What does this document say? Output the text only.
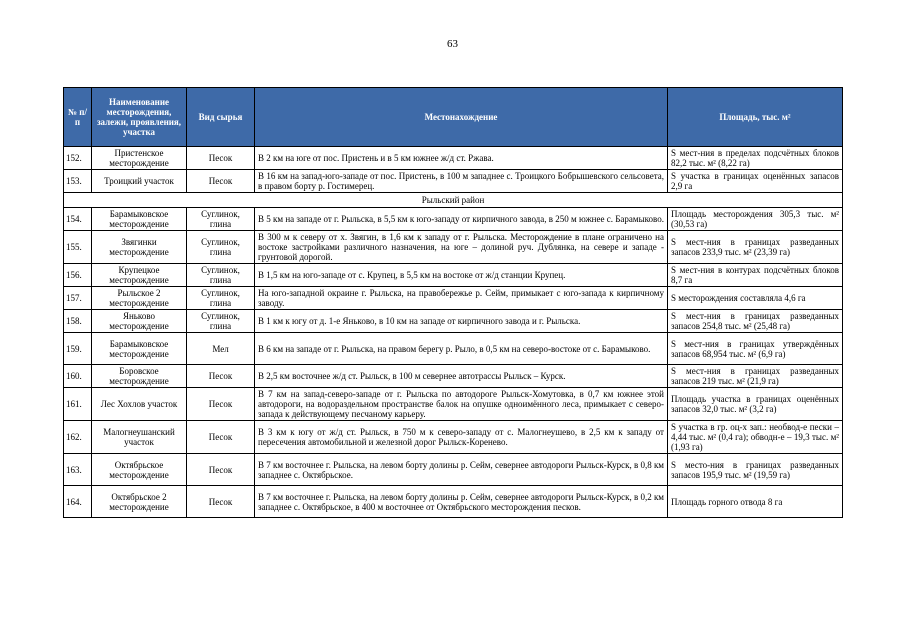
63
№ п/п	Наименование месторождения, залежи, проявления, участка	Вид сырья	Местонахождение	Площадь, тыс. м²
152.	Пристенское месторождение	Песок	В 2 км на юге от пос. Пристень и в 5 км южнее ж/д ст. Ржава.	S мест-ния в пределах подсчётных блоков 82,2 тыс. м² (8,22 га)
153.	Троицкий участок	Песок	В 16 км на запад-юго-западе от пос. Пристень, в 100 м западнее с. Троицкого Бобрышевского сельсовета, в правом борту р. Гостимерец.	S участка в границах оценённых запасов 2,9 га
Рыльский район				
154.	Барамыковское месторождение	Суглинок, глина	В 5 км на западе от г. Рыльска, в 5,5 км к юго-западу от кирпичного завода, в 250 м южнее с. Барамыково.	Площадь месторождения 305,3 тыс. м² (30,53 га)
155.	Звягинки месторождение	Суглинок, глина	В 300 м к северу от х. Звягин, в 1,6 км к западу от г. Рыльска. Месторождение в плане ограничено на востоке застройками различного назначения, на юге – долиной руч. Дублянка, на севере и западе - грунтовой дорогой.	S мест-ния в границах разведанных запасов 233,9 тыс. м² (23,39 га)
156.	Крупецкое месторождение	Суглинок, глина	В 1,5 км на юго-западе от с. Крупец, в 5,5 км на востоке от ж/д станции Крупец.	S мест-ния в контурах подсчётных блоков 8,7 га
157.	Рыльское 2 месторождение	Суглинок, глина	На юго-западной окраине г. Рыльска, на правобережье р. Сейм, примыкает с юго-запада к кирпичному заводу.	S месторождения составляла 4,6 га
158.	Яньково месторождение	Суглинок, глина	В 1 км к югу от д. 1-е Яньково, в 10 км на западе от кирпичного завода и г. Рыльска.	S мест-ния в границах разведанных запасов 254,8 тыс. м² (25,48 га)
159.	Барамыковское месторождение	Мел	В 6 км на западе от г. Рыльска, на правом берегу р. Рыло, в 0,5 км на северо-востоке от с. Барамыково.	S мест-ния в границах утверждённых запасов 68,954 тыс. м² (6,9 га)
160.	Боровское месторождение	Песок	В 2,5 км восточнее ж/д ст. Рыльск, в 100 м севернее автотрассы Рыльск – Курск.	S мест-ния в границах разведанных запасов 219 тыс. м² (21,9 га)
161.	Лес Хохлов участок	Песок	В 7 км на запад-северо-западе от г. Рыльска по автодороге Рыльск-Хомутовка, в 0,7 км южнее этой автодороги, на водораздельном пространстве балок на опушке одноимённого леса, примыкает с северо-запада к действующему песчаному карьеру.	Площадь участка в границах оценённых запасов 32,0 тыс. м² (3,2 га)
162.	Малогнеушанский участок	Песок	В 3 км к югу от ж/д ст. Рыльск, в 750 м к северо-западу от с. Малогнеушево, в 2,5 км к западу от пересечения автомобильной и железной дорог Рыльск-Коренево.	S участка в гр. оц-х зап.: необвод-е пески – 4,44 тыс. м² (0,4 га); обводн-е – 19,3 тыс. м² (1,93 га)
163.	Октябрьское месторождение	Песок	В 7 км восточнее г. Рыльска, на левом борту долины р. Сейм, севернее автодороги Рыльск-Курск, в 0,8 км западнее с. Октябрьское.	S место-ния в границах разведанных запасов 195,9 тыс. м² (19,59 га)
164.	Октябрьское 2 месторождение	Песок	В 7 км восточнее г. Рыльска, на левом борту долины р. Сейм, севернее автодороги Рыльск-Курск, в 0,2 км западнее с. Октябрьское, в 400 м восточнее от Октябрьского месторождения песков.	Площадь горного отвода 8 га
